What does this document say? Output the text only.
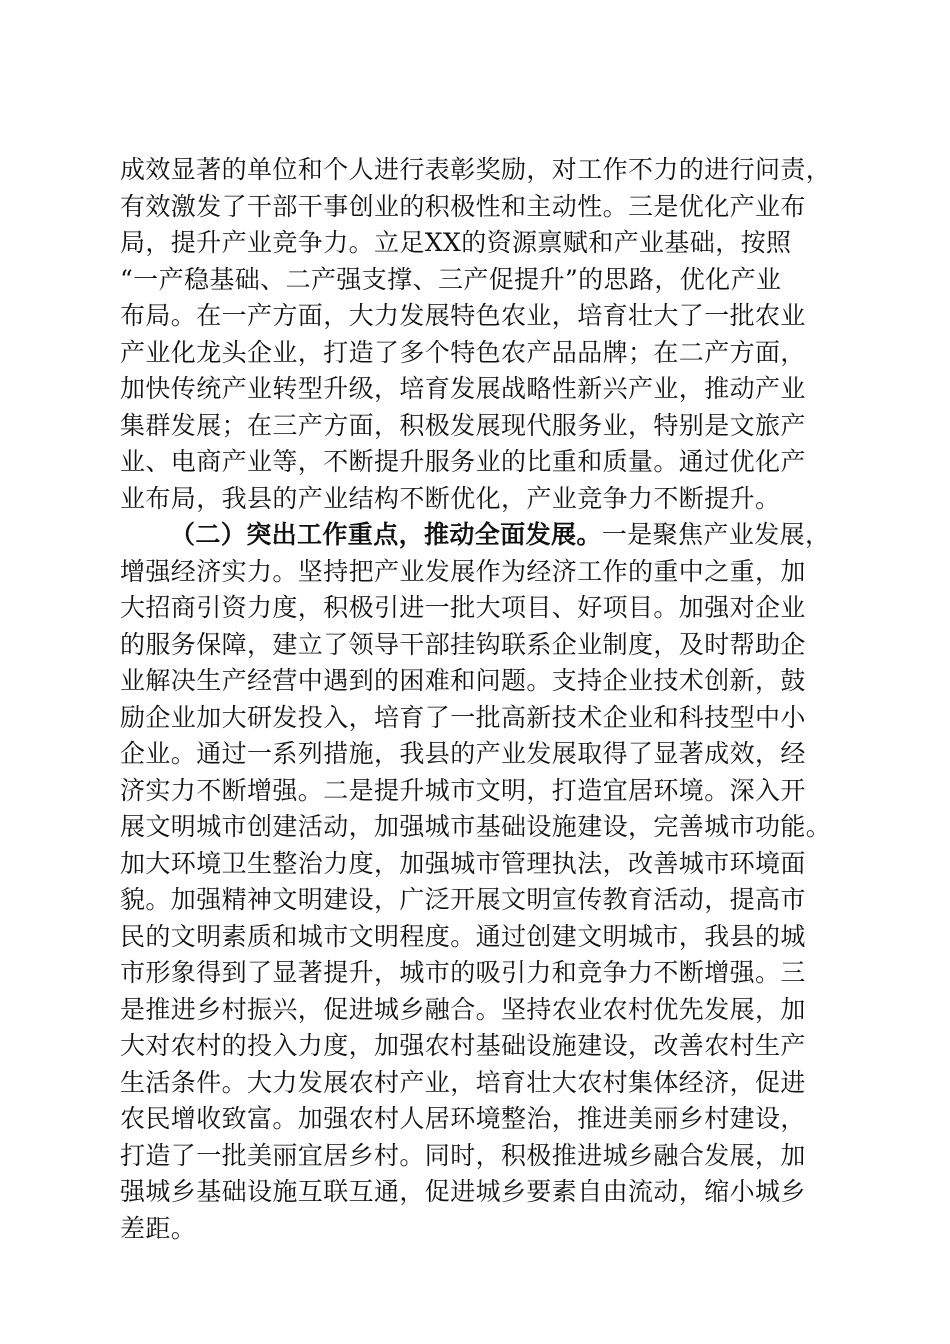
成效显著的单位和个人进行表彰奖励，对工作不力的进行问责，
有效激发了干部干事创业的积极性和主动性。三是优化产业布
局，提升产业竞争力。立足XX的资源禀赋和产业基础，按照
“一产稳基础、二产强支撑、三产促提升”的思路，优化产业
布局。在一产方面，大力发展特色农业，培育壮大了一批农业
产业化龙头企业，打造了多个特色农产品品牌；在二产方面，
加快传统产业转型升级，培育发展战略性新兴产业，推动产业
集群发展；在三产方面，积极发展现代服务业，特别是文旅产
业、电商产业等，不断提升服务业的比重和质量。通过优化产
业布局，我县的产业结构不断优化，产业竞争力不断提升。
（二）突出工作重点，推动全面发展。一是聚焦产业发展，
增强经济实力。坚持把产业发展作为经济工作的重中之重，加
大招商引资力度，积极引进一批大项目、好项目。加强对企业
的服务保障，建立了领导干部挂钩联系企业制度，及时帮助企
业解决生产经营中遇到的困难和问题。支持企业技术创新，鼓
励企业加大研发投入，培育了一批高新技术企业和科技型中小
企业。通过一系列措施，我县的产业发展取得了显著成效，经
济实力不断增强。二是提升城市文明，打造宜居环境。深入开
展文明城市创建活动，加强城市基础设施建设，完善城市功能。
加大环境卫生整治力度，加强城市管理执法，改善城市环境面
貌。加强精神文明建设，广泛开展文明宣传教育活动，提高市
民的文明素质和城市文明程度。通过创建文明城市，我县的城
市形象得到了显著提升，城市的吸引力和竞争力不断增强。三
是推进乡村振兴，促进城乡融合。坚持农业农村优先发展，加
大对农村的投入力度，加强农村基础设施建设，改善农村生产
生活条件。大力发展农村产业，培育壮大农村集体经济，促进
农民增收致富。加强农村人居环境整治，推进美丽乡村建设，
打造了一批美丽宜居乡村。同时，积极推进城乡融合发展，加
强城乡基础设施互联互通，促进城乡要素自由流动，缩小城乡
差距。
